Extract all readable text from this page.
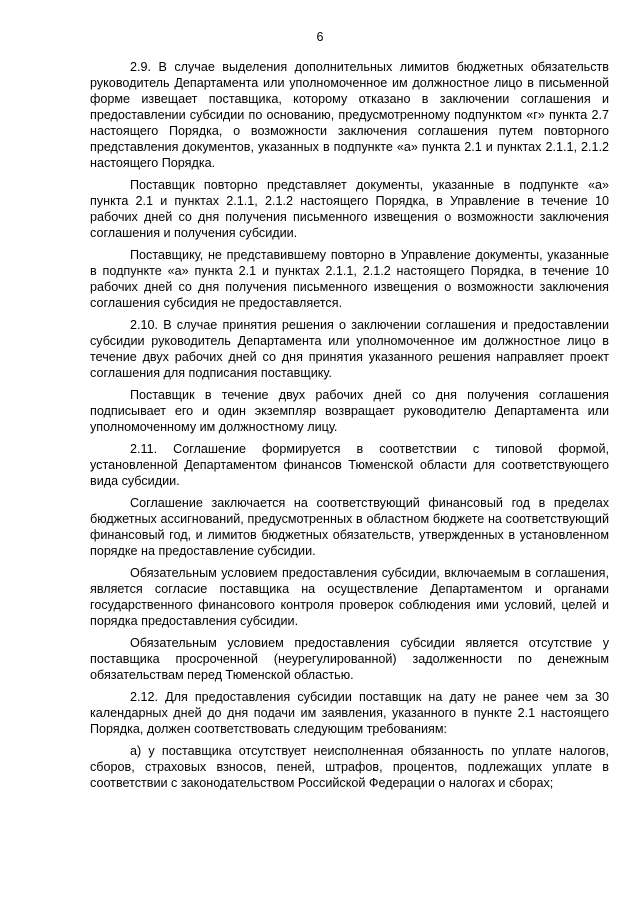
6

2.9. В случае выделения дополнительных лимитов бюджетных обязательств руководитель Департамента или уполномоченное им должностное лицо в письменной форме извещает поставщика, которому отказано в заключении соглашения и предоставлении субсидии по основанию, предусмотренному подпунктом «г» пункта 2.7 настоящего Порядка, о возможности заключения соглашения путем повторного представления документов, указанных в подпункте «а» пункта 2.1 и пунктах 2.1.1, 2.1.2 настоящего Порядка.

Поставщик повторно представляет документы, указанные в подпункте «а» пункта 2.1 и пунктах 2.1.1, 2.1.2 настоящего Порядка, в Управление в течение 10 рабочих дней со дня получения письменного извещения о возможности заключения соглашения и получения субсидии.

Поставщику, не представившему повторно в Управление документы, указанные в подпункте «а» пункта 2.1 и пунктах 2.1.1, 2.1.2 настоящего Порядка, в течение 10 рабочих дней со дня получения письменного извещения о возможности заключения соглашения субсидия не предоставляется.

2.10. В случае принятия решения о заключении соглашения и предоставлении субсидии руководитель Департамента или уполномоченное им должностное лицо в течение двух рабочих дней со дня принятия указанного решения направляет проект соглашения для подписания поставщику.

Поставщик в течение двух рабочих дней со дня получения соглашения подписывает его и один экземпляр возвращает руководителю Департамента или уполномоченному им должностному лицу.

2.11. Соглашение формируется в соответствии с типовой формой, установленной Департаментом финансов Тюменской области для соответствующего вида субсидии.

Соглашение заключается на соответствующий финансовый год в пределах бюджетных ассигнований, предусмотренных в областном бюджете на соответствующий финансовый год, и лимитов бюджетных обязательств, утвержденных в установленном порядке на предоставление субсидии.

Обязательным условием предоставления субсидии, включаемым в соглашения, является согласие поставщика на осуществление Департаментом и органами государственного финансового контроля проверок соблюдения ими условий, целей и порядка предоставления субсидии.

Обязательным условием предоставления субсидии является отсутствие у поставщика просроченной (неурегулированной) задолженности по денежным обязательствам перед Тюменской областью.

2.12. Для предоставления субсидии поставщик на дату не ранее чем за 30 календарных дней до дня подачи им заявления, указанного в пункте 2.1 настоящего Порядка, должен соответствовать следующим требованиям:

а) у поставщика отсутствует неисполненная обязанность по уплате налогов, сборов, страховых взносов, пеней, штрафов, процентов, подлежащих уплате в соответствии с законодательством Российской Федерации о налогах и сборах;
